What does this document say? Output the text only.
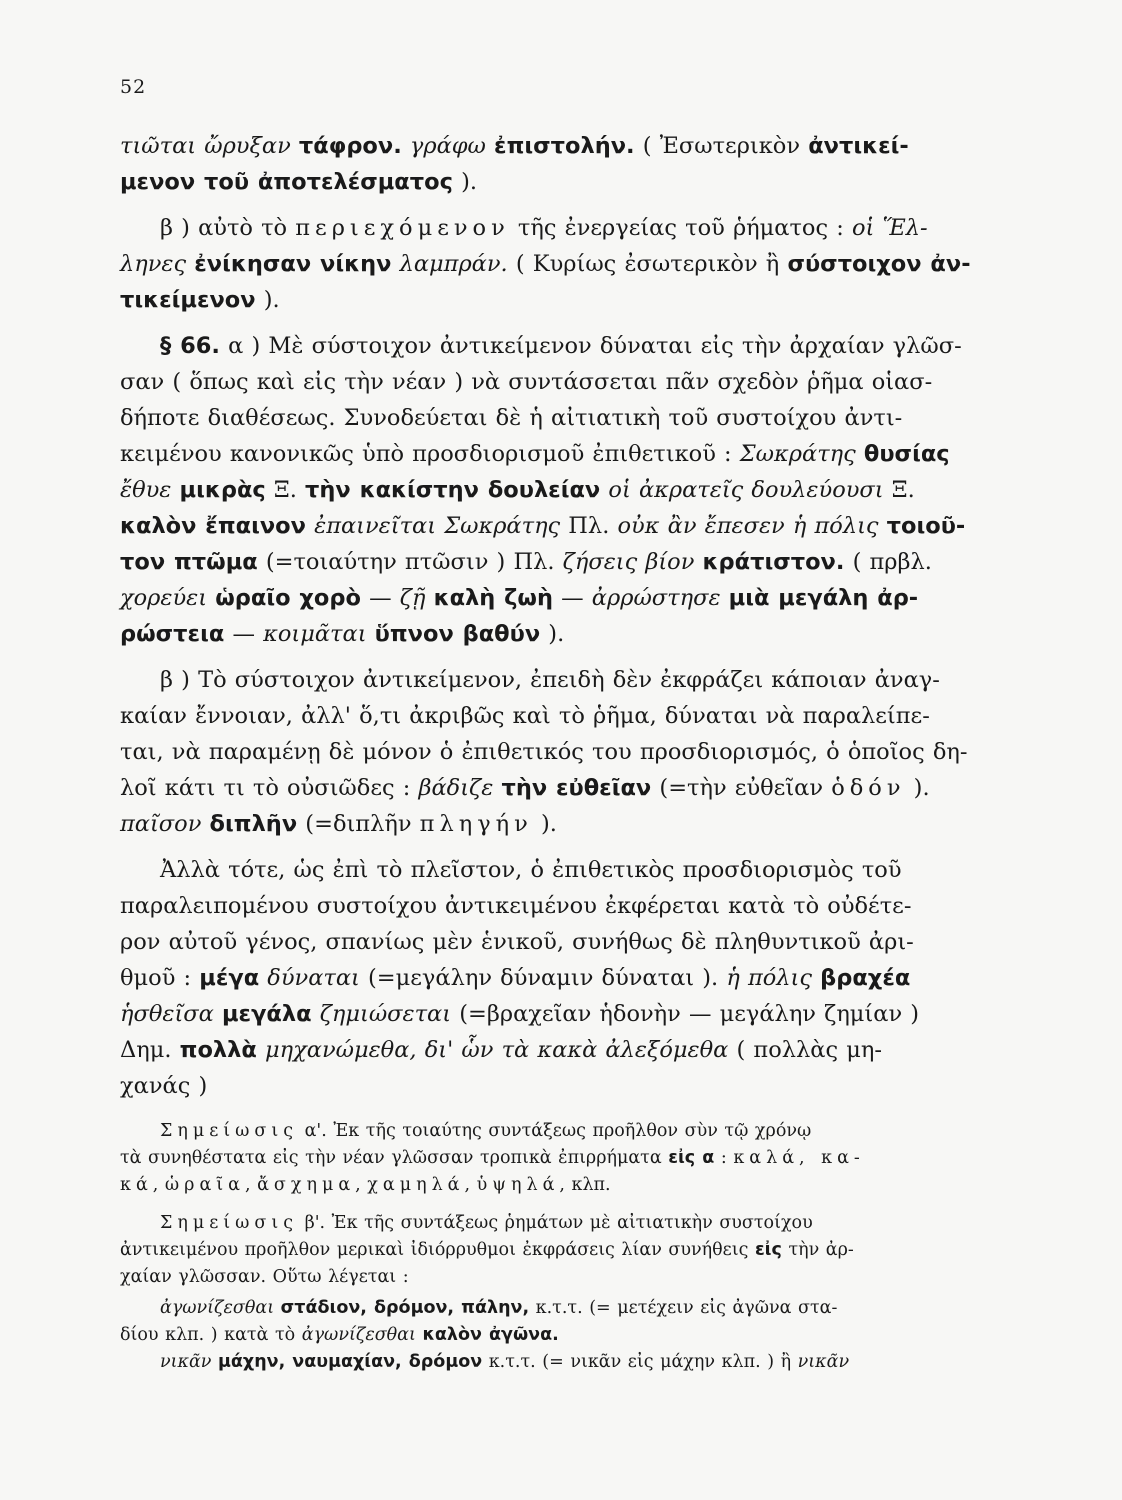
52

τιῶται ὤρυξαν τάφρον. γράφω ἐπιστολήν. ( Ἐσωτερικὸν ἀντικεί-
μενον τοῦ ἀποτελέσματος ).

β ) αὐτὸ τὸ περιεχόμενον τῆς ἐνεργείας τοῦ ῥήματος : οἱ Ἕλ-
ληνες ἐνίκησαν νίκην λαμπράν. ( Κυρίως ἐσωτερικὸν ἢ σύστοιχον ἀν-
τικείμενον ).

§ 66. α ) Μὲ σύστοιχον ἀντικείμενον δύναται εἰς τὴν ἀρχαίαν γλῶσ-
σαν ( ὅπως καὶ εἰς τὴν νέαν ) νὰ συντάσσεται πᾶν σχεδὸν ῥῆμα οἱασ-
δήποτε διαθέσεως. Συνοδεύεται δὲ ἡ αἰτιατικὴ τοῦ συστοίχου ἀντι-
κειμένου κανονικῶς ὑπὸ προσδιορισμοῦ ἐπιθετικοῦ : Σωκράτης θυσίας
ἔθυε μικρὰς Ξ. τὴν κακίστην δουλείαν οἱ ἀκρατεῖς δουλεύουσι Ξ.
καλὸν ἔπαινον ἐπαινεῖται Σωκράτης Πλ. οὐκ ἂν ἔπεσεν ἡ πόλις τοιοῦ-
τον πτῶμα (=τοιαύτην πτῶσιν ) Πλ. ζήσεις βίον κράτιστον. ( πρβλ.
χορεύει ὡραῖο χορὸ — ζῇ καλὴ ζωὴ — ἀρρώστησε μιὰ μεγάλη ἀρ-
ρώστεια — κοιμᾶται ὕπνον βαθύν ).

β ) Τὸ σύστοιχον ἀντικείμενον, ἐπειδὴ δὲν ἐκφράζει κάποιαν ἀναγ-
καίαν ἔννοιαν, ἀλλ' ὅ,τι ἀκριβῶς καὶ τὸ ῥῆμα, δύναται νὰ παραλείπε-
ται, νὰ παραμένῃ δὲ μόνον ὁ ἐπιθετικός του προσδιορισμός, ὁ ὁποῖος δη-
λοῖ κάτι τι τὸ οὐσιῶδες : βάδιζε τὴν εὐθεῖαν (=τὴν εὐθεῖαν ὁδόν ).
παῖσον διπλῆν (=διπλῆν πληγήν ).

Ἀλλὰ τότε, ὡς ἐπὶ τὸ πλεῖστον, ὁ ἐπιθετικὸς προσδιορισμὸς τοῦ
παραλειπομένου συστοίχου ἀντικειμένου ἐκφέρεται κατὰ τὸ οὐδέτε-
ρον αὐτοῦ γένος, σπανίως μὲν ἑνικοῦ, συνήθως δὲ πληθυντικοῦ ἀρι-
θμοῦ : μέγα δύναται (=μεγάλην δύναμιν δύναται ). ἡ πόλις βραχέα
ἡσθεῖσα μεγάλα ζημιώσεται (=βραχεῖαν ἡδονὴν — μεγάλην ζημίαν )
Δημ. πολλὰ μηχανώμεθα, δι' ὧν τὰ κακὰ ἀλεξόμεθα ( πολλὰς μη-
χανάς )

Σημείωσις α'. Ἐκ τῆς τοιαύτης συντάξεως προῆλθον σὺν τῷ χρόνῳ
τὰ συνηθέστατα εἰς τὴν νέαν γλῶσσαν τροπικὰ ἐπιρρήματα εἰς α : καλά, κα-
κά, ὡραῖα, ἄσχημα, χαμηλά, ὑψηλά, κλπ.

Σημείωσις β'. Ἐκ τῆς συντάξεως ῥημάτων μὲ αἰτιατικὴν συστοίχου
ἀντικειμένου προῆλθον μερικαὶ ἰδιόρρυθμοι ἐκφράσεις λίαν συνήθεις εἰς τὴν ἀρ-
χαίαν γλῶσσαν. Οὕτω λέγεται :

ἀγωνίζεσθαι στάδιον, δρόμον, πάλην, κ.τ.τ. (= μετέχειν εἰς ἀγῶνα στα-
δίου κλπ. ) κατὰ τὸ ἀγωνίζεσθαι καλὸν ἀγῶνα.

νικᾶν μάχην, ναυμαχίαν, δρόμον κ.τ.τ. (= νικᾶν εἰς μάχην κλπ. ) ἢ νικᾶν
